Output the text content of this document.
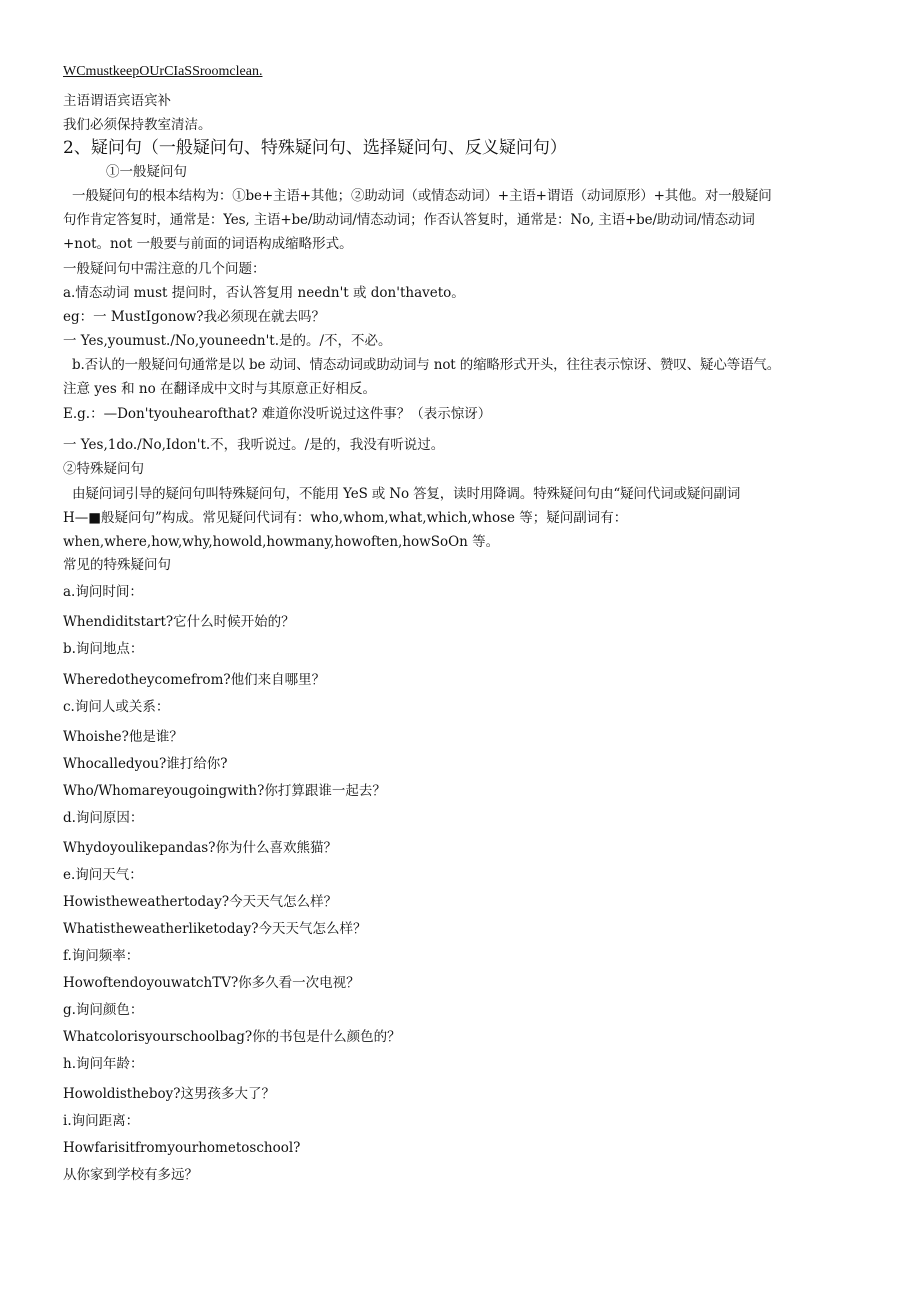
WCmustkeepOUrCIaSSroomclean.
主语谓语宾语宾补
我们必须保持教室清洁。
2、疑问句（一般疑问句、特殊疑问句、选择疑问句、反义疑问句）
①一般疑问句
一般疑问句的根本结构为：①be+主语+其他；②助动词（或情态动词）+主语+谓语（动词原形）+其他。对一般疑问
句作肯定答复时，通常是：Yes, 主语+be/助动词/情态动词；作否认答复时，通常是：No, 主语+be/助动词/情态动词
+not。not 一般要与前面的词语构成缩略形式。
一般疑问句中需注意的几个问题：
a.情态动词 must 提问时，否认答复用 needn't 或 don'thaveto。
eg：一 MustIgonow?我必须现在就去吗？
一 Yes,youmust./No,youneedn't.是的。/不，不必。
b.否认的一般疑问句通常是以 be 动词、情态动词或助动词与 not 的缩略形式开头，往往表示惊讶、赞叹、疑心等语气。
注意 yes 和 no 在翻译成中文时与其原意正好相反。
E.g.：—Don'tyouhearofthat? 难道你没听说过这件事？（表示惊讶）
一 Yes,1do./No,Idon't.不，我听说过。/是的，我没有听说过。
②特殊疑问句
由疑问词引导的疑问句叫特殊疑问句，不能用 YeS 或 No 答复，读时用降调。特殊疑问句由“疑问代词或疑问副词
H—■般疑问句”构成。常见疑问代词有：who,whom,what,which,whose 等；疑问副词有：
when,where,how,why,howold,howmany,howoften,howSoOn 等。
常见的特殊疑问句
a.询问时间：
Whendiditstart?它什么时候开始的？
b.询问地点：
Wheredotheycomefrom?他们来自哪里？
c.询问人或关系：
Whoishe?他是谁？
Whocalledyou?谁打给你?
Who/Whomareyougoingwith?你打算跟谁一起去？
d.询问原因：
Whydoyoulikepandas?你为什么喜欢熊猫？
e.询问天气：
Howistheweathertoday?今天天气怎么样？
Whatistheweatherliketoday?今天天气怎么样？
f.询问频率：
HowoftendoyouwatchTV?你多久看一次电视？
g.询问颜色：
Whatcolorisyourschoolbag?你的书包是什么颜色的？
h.询问年龄：
Howoldistheboy?这男孩多大了？
i.询问距离：
Howfarisitfromyourhometoschool?
从你家到学校有多远？
